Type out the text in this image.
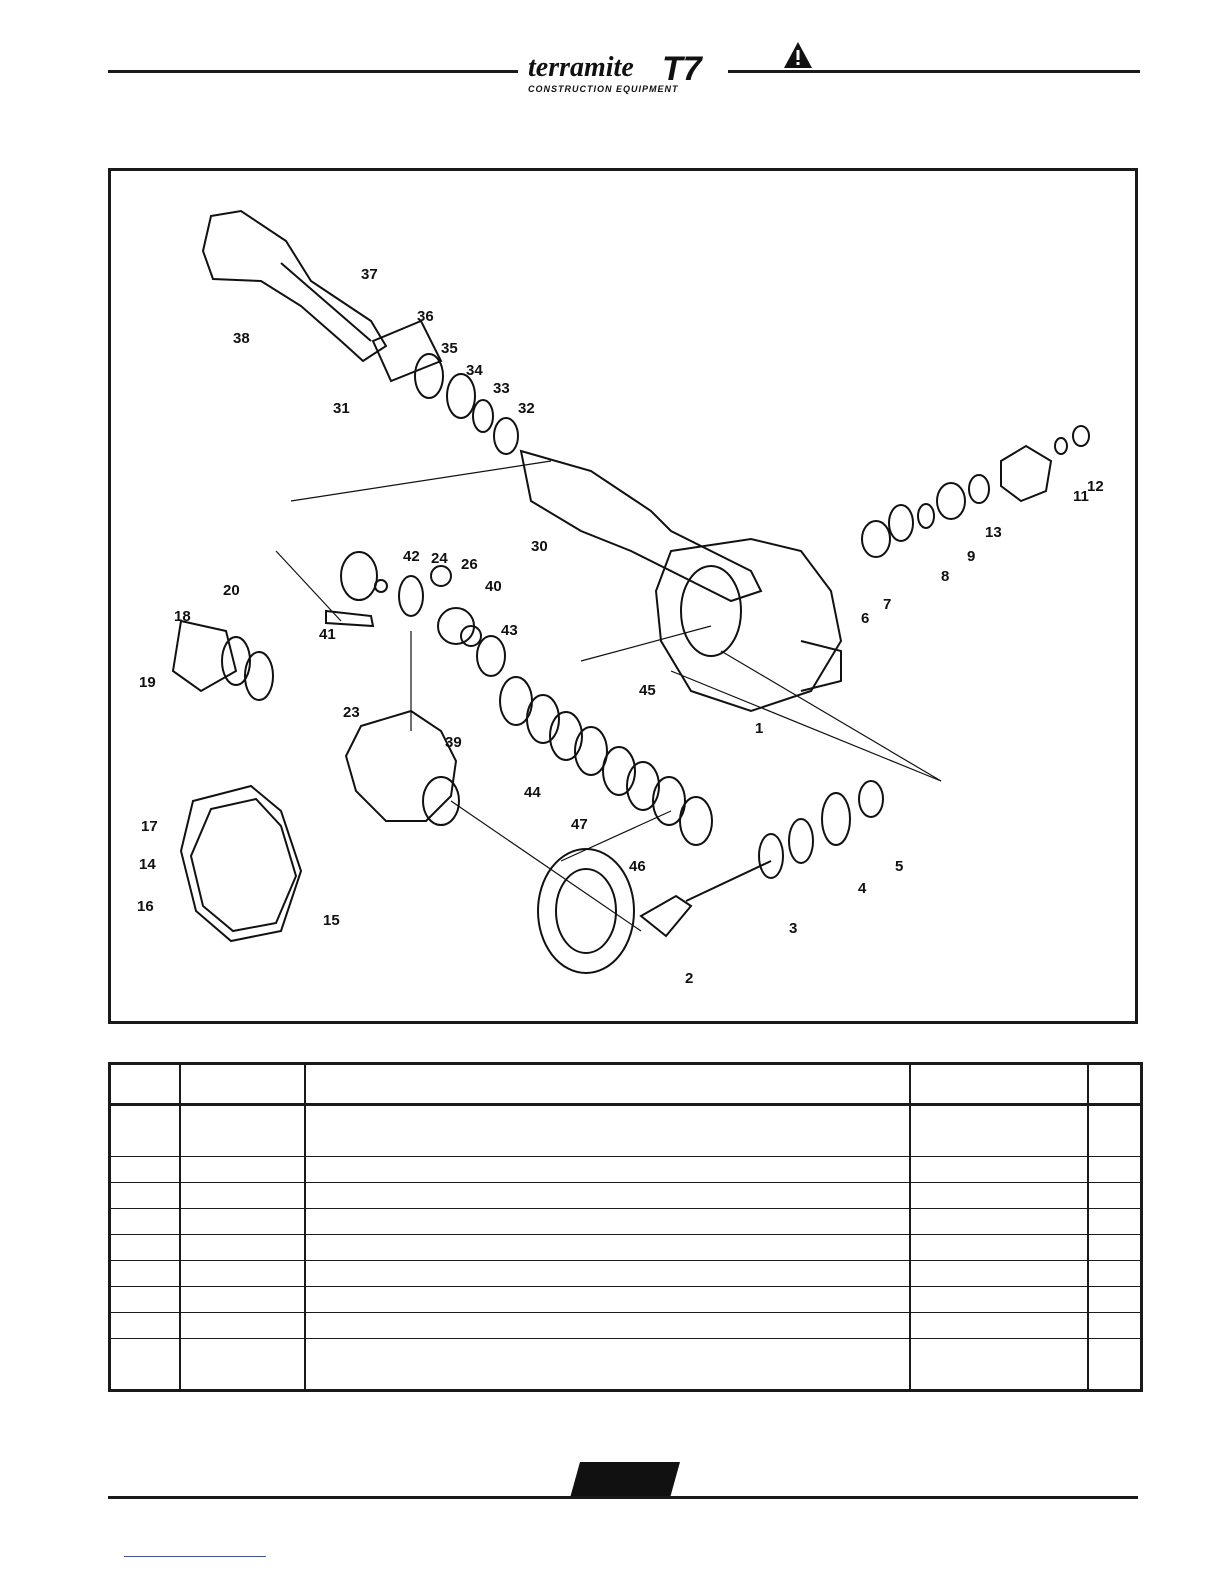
terramite T7
CONSTRUCTION EQUIPMENT
37
38
36
35
34
33
32
31
30
42 24 26
40
20
18
41	43
45
19
23
39
44
47
46
17
14
16
15
2
3
4
5
1
6
7
8
9
13
11
12
